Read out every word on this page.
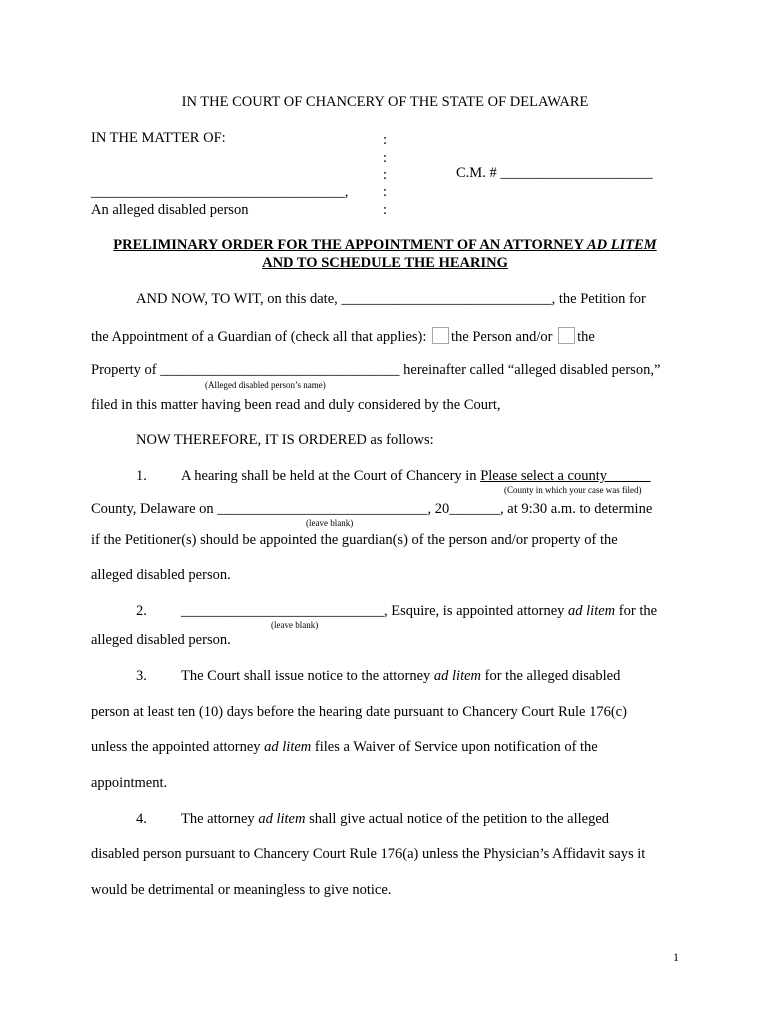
IN THE COURT OF CHANCERY OF THE STATE OF DELAWARE
IN THE MATTER OF:	:
:
:
:
:
C.M. # _____________________
___________________________________,
An alleged disabled person
PRELIMINARY ORDER FOR THE APPOINTMENT OF AN ATTORNEY AD LITEM
AND TO SCHEDULE THE HEARING
AND NOW, TO WIT, on this date, _____________________________, the Petition for
the Appointment of a Guardian of (check all that applies): the Person and/or the
Property of _________________________________ hereinafter called “alleged disabled person,”
(Alleged disabled person’s name)
filed in this matter having been read and duly considered by the Court,
NOW THEREFORE, IT IS ORDERED as follows:
1. A hearing shall be held at the Court of Chancery in Please select a county
(County in which your case was filed)
County, Delaware on _____________________________, 20_______, at 9:30 a.m. to determine
(leave blank)
if the Petitioner(s) should be appointed the guardian(s) of the person and/or property of the
alleged disabled person.
2. ____________________________, Esquire, is appointed attorney ad litem for the
(leave blank)
alleged disabled person.
3. The Court shall issue notice to the attorney ad litem for the alleged disabled
person at least ten (10) days before the hearing date pursuant to Chancery Court Rule 176(c)
unless the appointed attorney ad litem files a Waiver of Service upon notification of the
appointment.
4. The attorney ad litem shall give actual notice of the petition to the alleged
disabled person pursuant to Chancery Court Rule 176(a) unless the Physician’s Affidavit says it
would be detrimental or meaningless to give notice.
1
